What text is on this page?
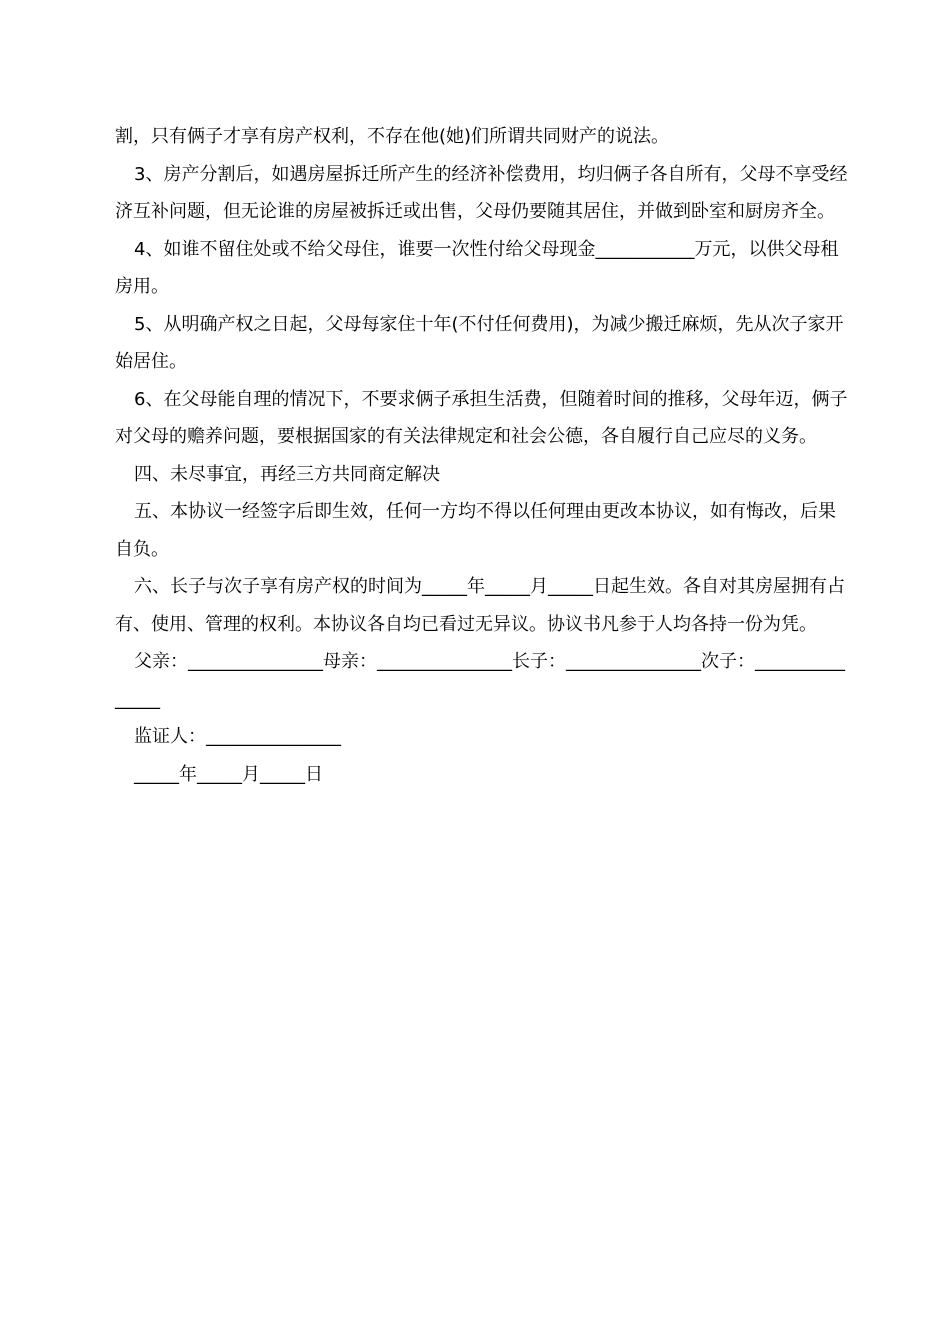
割，只有俩子才享有房产权利，不存在他(她)们所谓共同财产的说法。

3、房产分割后，如遇房屋拆迁所产生的经济补偿费用，均归俩子各自所有，父母不享受经济互补问题，但无论谁的房屋被拆迁或出售，父母仍要随其居住，并做到卧室和厨房齐全。

4、如谁不留住处或不给父母住，谁要一次性付给父母现金___________万元，以供父母租房用。

5、从明确产权之日起，父母每家住十年(不付任何费用)，为减少搬迁麻烦，先从次子家开始居住。

6、在父母能自理的情况下，不要求俩子承担生活费，但随着时间的推移，父母年迈，俩子对父母的赡养问题，要根据国家的有关法律规定和社会公德，各自履行自己应尽的义务。

四、未尽事宜，再经三方共同商定解决

五、本协议一经签字后即生效，任何一方均不得以任何理由更改本协议，如有悔改，后果自负。

六、长子与次子享有房产权的时间为_____年_____月_____日起生效。各自对其房屋拥有占有、使用、管理的权利。本协议各自均已看过无异议。协议书凡参于人均各持一份为凭。

父亲：_______________母亲：_______________长子：_______________次子：_______________

监证人：_______________

_____年_____月_____日
